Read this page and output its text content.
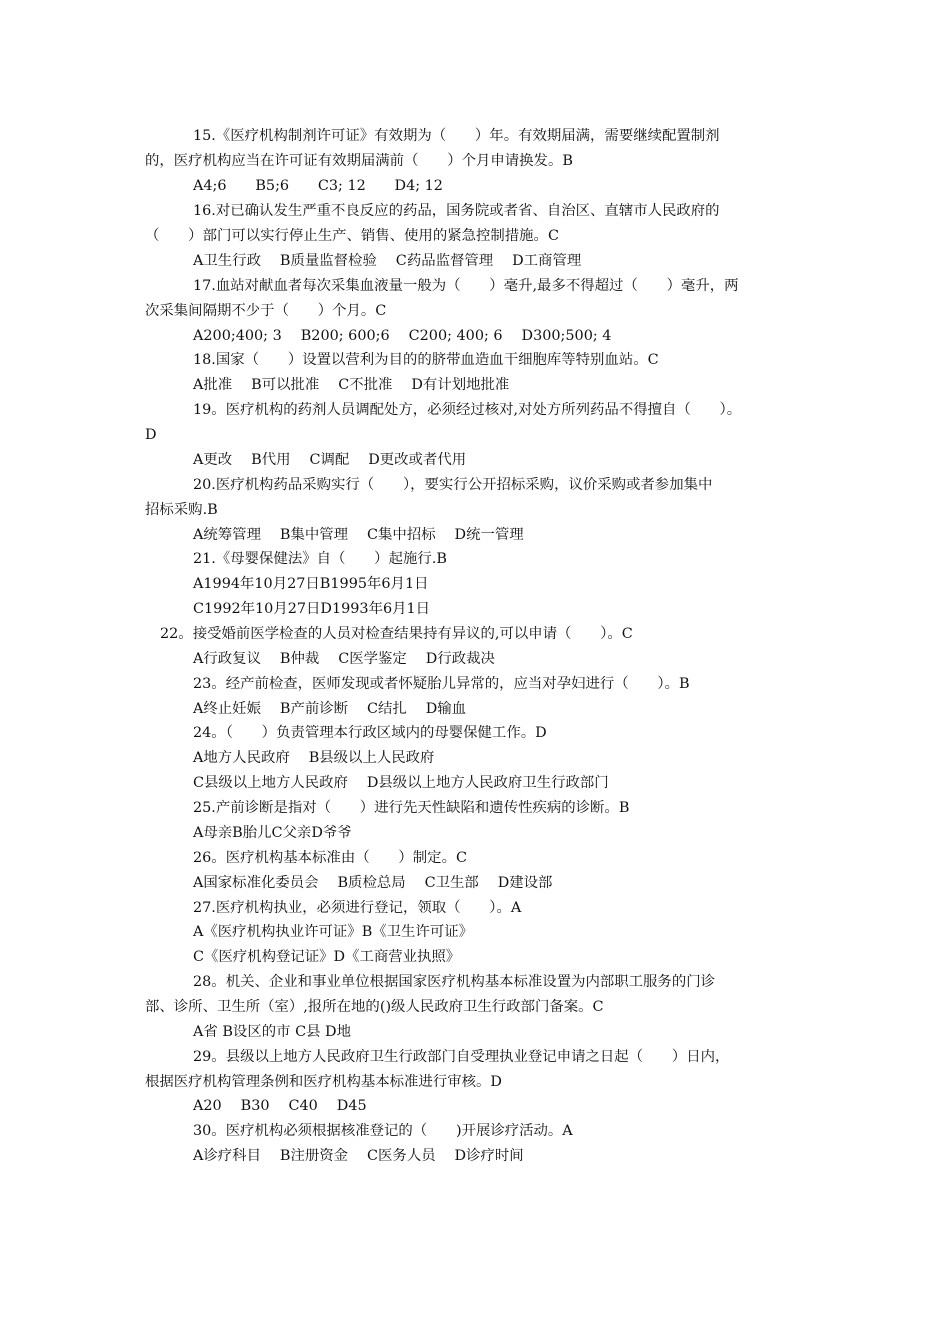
15.《医疗机构制剂许可证》有效期为（　　）年。有效期届满，需要继续配置制剂
的，医疗机构应当在许可证有效期届满前（　　）个月申请换发。B
A4;6　　B5;6　　C3; 12　　D4; 12
16.对已确认发生严重不良反应的药品，国务院或者省、自治区、直辖市人民政府的
（　　）部门可以实行停止生产、销售、使用的紧急控制措施。C
A卫生行政　 B质量监督检验　 C药品监督管理　 D工商管理
17.血站对献血者每次采集血液量一般为（　　）毫升,最多不得超过（　　）毫升，两
次采集间隔期不少于（　　）个月。C
A200;400; 3　 B200; 600;6　 C200; 400; 6　 D300;500; 4
18.国家（　　）设置以营利为目的的脐带血造血干细胞库等特别血站。C
A批准　 B可以批准　 C不批准　 D有计划地批准
19。医疗机构的药剂人员调配处方，必须经过核对,对处方所列药品不得擅自（　　）。
D
A更改　 B代用　 C调配　 D更改或者代用
20.医疗机构药品采购实行（　　），要实行公开招标采购，议价采购或者参加集中
招标采购.B
A统筹管理　 B集中管理　 C集中招标　 D统一管理
21.《母婴保健法》自（　　）起施行.B
A1994年10月27日B1995年6月1日
C1992年10月27日D1993年6月1日
22。接受婚前医学检查的人员对检查结果持有异议的,可以申请（　　）。C
A行政复议　 B仲裁　 C医学鉴定　 D行政裁决
23。经产前检查，医师发现或者怀疑胎儿异常的，应当对孕妇进行（　　）。B
A终止妊娠　 B产前诊断　 C结扎　 D输血
24。（　　）负责管理本行政区域内的母婴保健工作。D
A地方人民政府　 B县级以上人民政府
C县级以上地方人民政府　 D县级以上地方人民政府卫生行政部门
25.产前诊断是指对（　　）进行先天性缺陷和遗传性疾病的诊断。B
A母亲B胎儿C父亲D爷爷
26。医疗机构基本标准由（　　）制定。C
A国家标准化委员会　 B质检总局　 C卫生部　 D建设部
27.医疗机构执业，必须进行登记，领取（　　）。A
A《医疗机构执业许可证》B《卫生许可证》
C《医疗机构登记证》D《工商营业执照》
28。机关、企业和事业单位根据国家医疗机构基本标准设置为内部职工服务的门诊
部、诊所、卫生所（室）,报所在地的()级人民政府卫生行政部门备案。C
A省 B设区的市 C县 D地
29。县级以上地方人民政府卫生行政部门自受理执业登记申请之日起（　　）日内，
根据医疗机构管理条例和医疗机构基本标准进行审核。D
A20　 B30　 C40　 D45
30。医疗机构必须根据核准登记的（　　)开展诊疗活动。A
A诊疗科目　 B注册资金　 C医务人员　 D诊疗时间
